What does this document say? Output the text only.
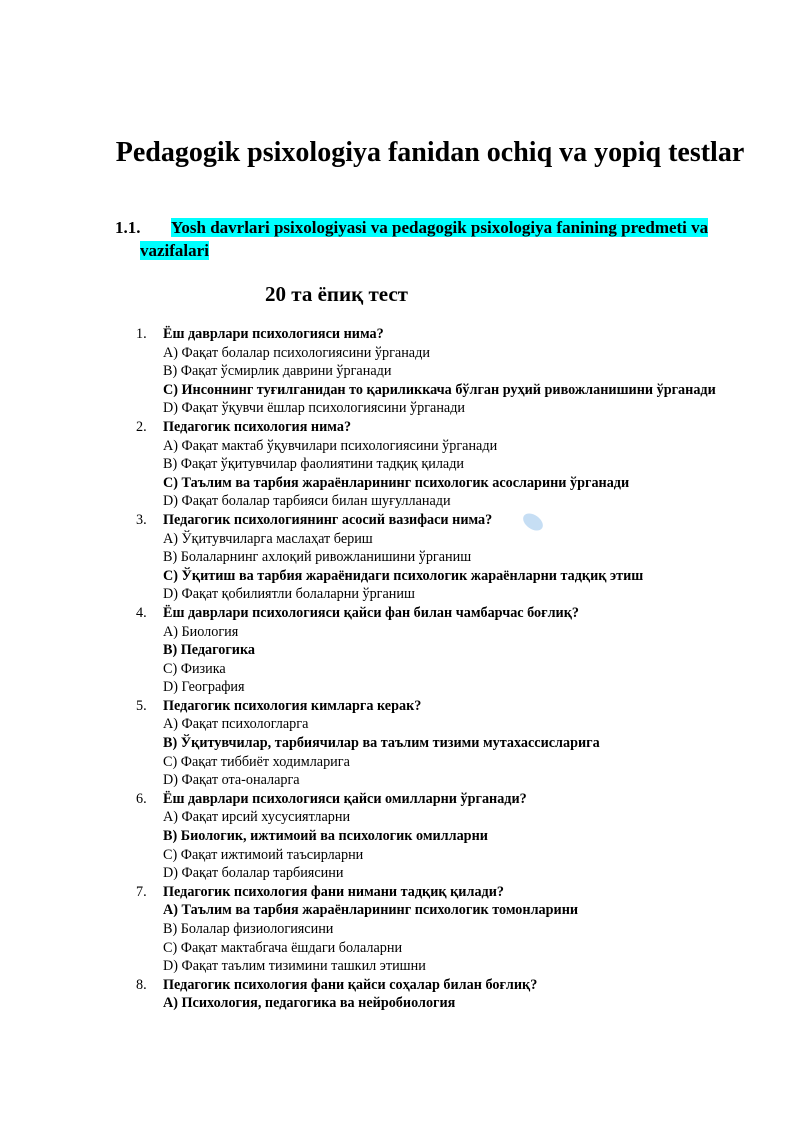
Pedagogik psixologiya fanidan ochiq va yopiq testlar
1.1.	Yosh davrlari psixologiyasi va pedagogik psixologiya fanining predmeti va vazifalari
20 та ёпиқ тест
1.	Ёш даврлари психологияси нима?
A) Фақат болалар психологиясини ўрганади
B) Фақат ўсмирлик даврини ўрганади
C) Инсоннинг туғилганидан то қариликкача бўлган руҳий ривожланишини ўрганади
D) Фақат ўқувчи ёшлар психологиясини ўрганади
2.	Педагогик психология нима?
A) Фақат мактаб ўқувчилари психологиясини ўрганади
B) Фақат ўқитувчилар фаолиятини тадқиқ қилади
C) Таълим ва тарбия жараёнларининг психологик асосларини ўрганади
D) Фақат болалар тарбияси билан шуғулланади
3.	Педагогик психологиянинг асосий вазифаси нима?
A) Ўқитувчиларга маслаҳат бериш
B) Болаларнинг ахлоқий ривожланишини ўрганиш
C) Ўқитиш ва тарбия жараёнидаги психологик жараёнларни тадқиқ этиш
D) Фақат қобилиятли болаларни ўрганиш
4.	Ёш даврлари психологияси қайси фан билан чамбарчас боғлиқ?
A) Биология
B) Педагогика
C) Физика
D) География
5.	Педагогик психология кимларга керак?
A) Фақат психологларга
B) Ўқитувчилар, тарбиячилар ва таълим тизими мутахассисларига
C) Фақат тиббиёт ходимларига
D) Фақат ота-оналарга
6.	Ёш даврлари психологияси қайси омилларни ўрганади?
A) Фақат ирсий хусусиятларни
B) Биологик, ижтимоий ва психологик омилларни
C) Фақат ижтимоий таъсирларни
D) Фақат болалар тарбиясини
7.	Педагогик психология фани нимани тадқиқ қилади?
A) Таълим ва тарбия жараёнларининг психологик томонларини
B) Болалар физиологиясини
C) Фақат мактабгача ёшдаги болаларни
D) Фақат таълим тизимини ташкил этишни
8.	Педагогик психология фани қайси соҳалар билан боғлиқ?
A) Психология, педагогика ва нейробиология
